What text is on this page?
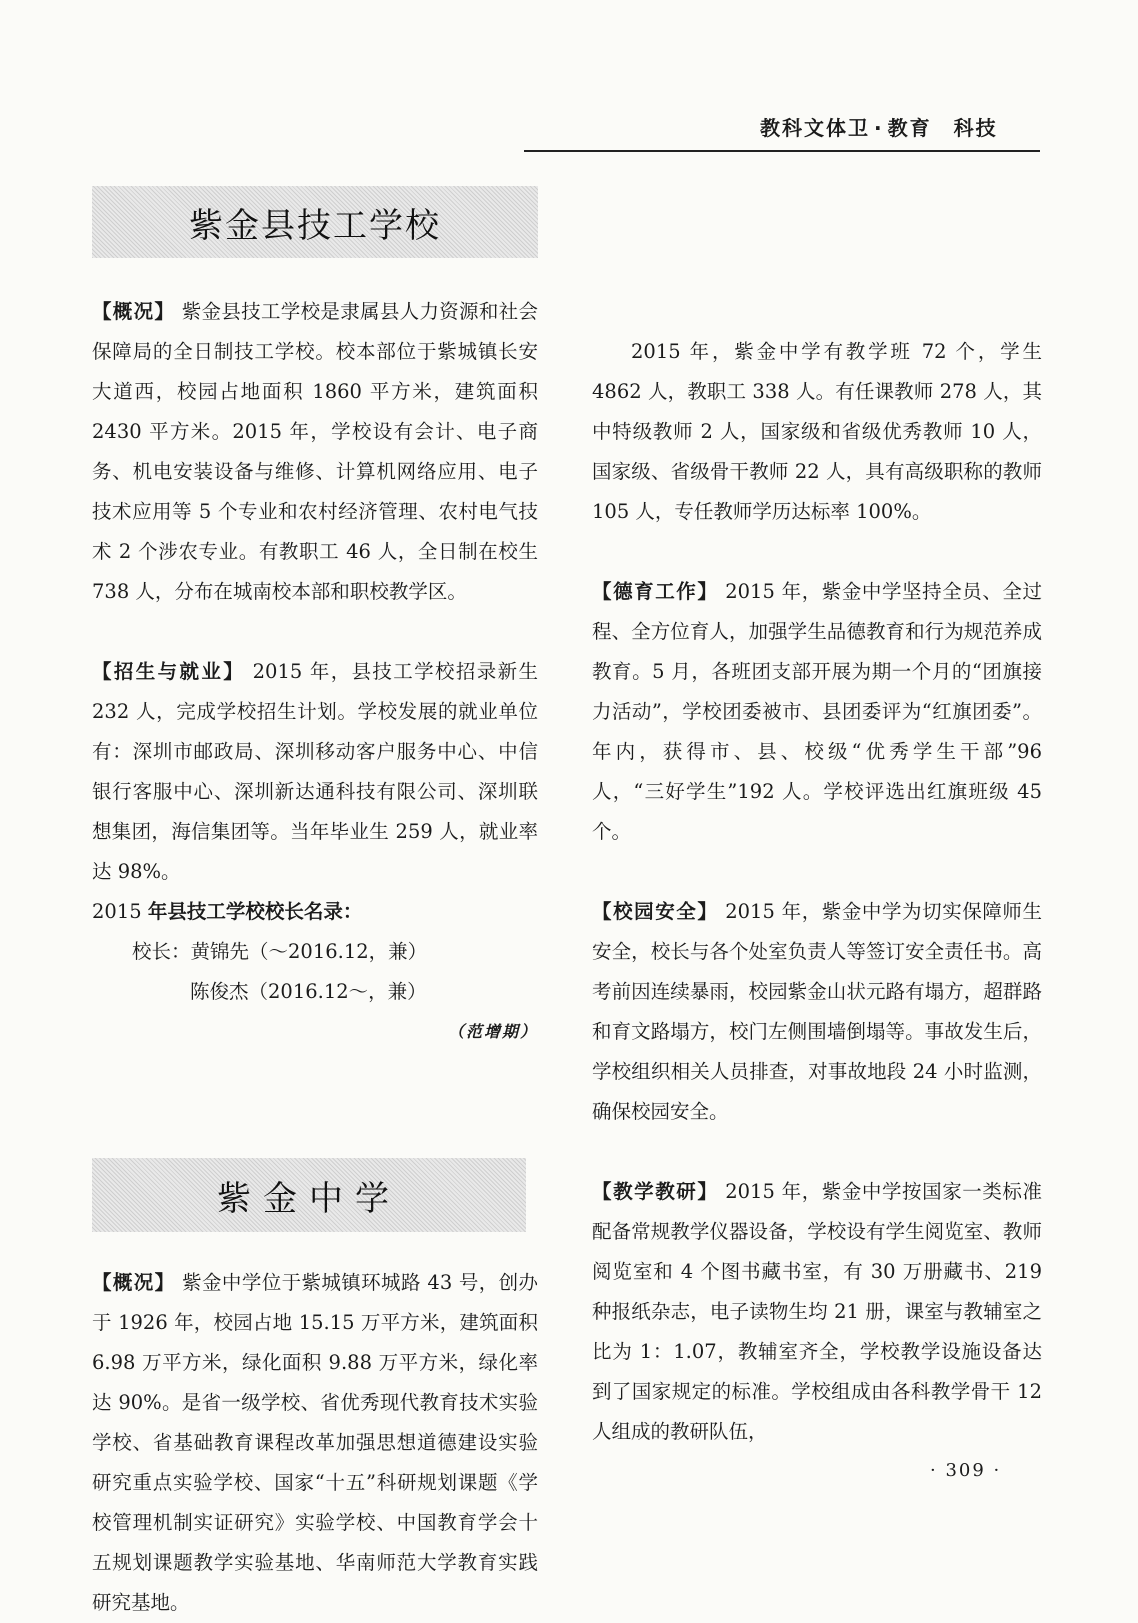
教科文体卫 · 教育 科技
紫金县技工学校

【概况】 紫金县技工学校是隶属县人力资源和社会保障局的全日制技工学校。校本部位于紫城镇长安大道西，校园占地面积 1860 平方米，建筑面积 2430 平方米。2015 年，学校设有会计、电子商务、机电安装设备与维修、计算机网络应用、电子技术应用等 5 个专业和农村经济管理、农村电气技术 2 个涉农专业。有教职工 46 人，全日制在校生 738 人，分布在城南校本部和职校教学区。

【招生与就业】 2015 年，县技工学校招录新生 232 人，完成学校招生计划。学校发展的就业单位有：深圳市邮政局、深圳移动客户服务中心、中信银行客服中心、深圳新达通科技有限公司、深圳联想集团，海信集团等。当年毕业生 259 人，就业率达 98%。

2015 年县技工学校校长名录：

校长：黄锦先（～2016.12，兼）

陈俊杰（2016.12～，兼）

（范增期）

紫金中学

【概况】 紫金中学位于紫城镇环城路 43 号，创办于 1926 年，校园占地 15.15 万平方米，建筑面积 6.98 万平方米，绿化面积 9.88 万平方米，绿化率达 90%。是省一级学校、省优秀现代教育技术实验学校、省基础教育课程改革加强思想道德建设实验研究重点实验学校、国家“十五”科研规划课题《学校管理机制实证研究》实验学校、中国教育学会十五规划课题教学实验基地、华南师范大学教育实践研究基地。

2015 年，紫金中学有教学班 72 个，学生 4862 人，教职工 338 人。有任课教师 278 人，其中特级教师 2 人，国家级和省级优秀教师 10 人，国家级、省级骨干教师 22 人，具有高级职称的教师 105 人，专任教师学历达标率 100%。

【德育工作】 2015 年，紫金中学坚持全员、全过程、全方位育人，加强学生品德教育和行为规范养成教育。5 月，各班团支部开展为期一个月的“团旗接力活动”，学校团委被市、县团委评为“红旗团委”。年内，获得市、县、校级“优秀学生干部”96 人，“三好学生”192 人。学校评选出红旗班级 45 个。

【校园安全】 2015 年，紫金中学为切实保障师生安全，校长与各个处室负责人等签订安全责任书。高考前因连续暴雨，校园紫金山状元路有塌方，超群路和育文路塌方，校门左侧围墙倒塌等。事故发生后，学校组织相关人员排查，对事故地段 24 小时监测，确保校园安全。

【教学教研】 2015 年，紫金中学按国家一类标准配备常规教学仪器设备，学校设有学生阅览室、教师阅览室和 4 个图书藏书室，有 30 万册藏书、219 种报纸杂志，电子读物生均 21 册，课室与教辅室之比为 1：1.07，教辅室齐全，学校教学设施设备达到了国家规定的标准。学校组成由各科教学骨干 12 人组成的教研队伍，

· 309 ·
